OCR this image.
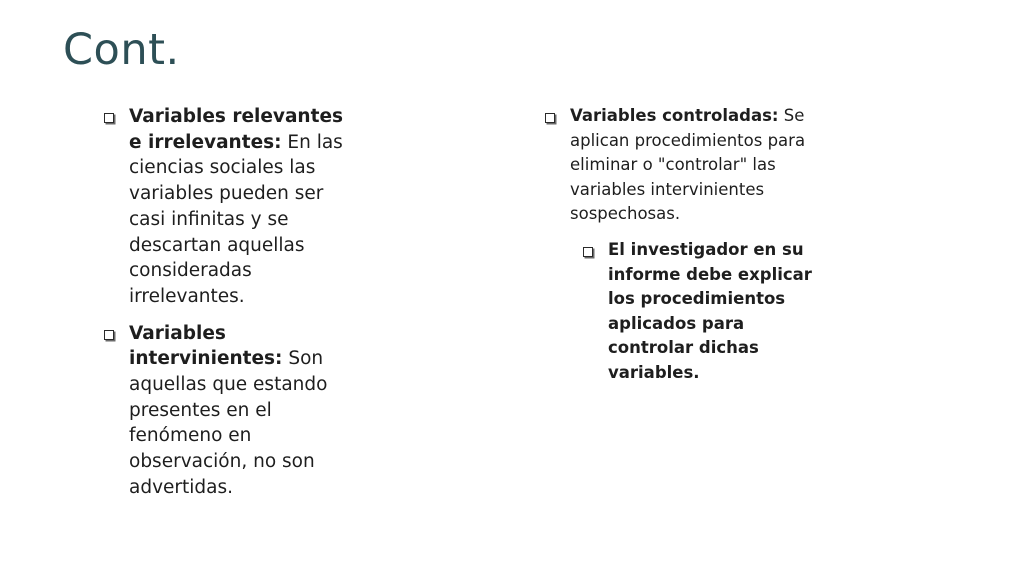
Cont.
Variables relevantes e irrelevantes: En las ciencias sociales las variables pueden ser casi infinitas y se descartan aquellas consideradas irrelevantes.
Variables intervinientes: Son aquellas que estando presentes en el fenómeno en observación, no son advertidas.
Variables controladas: Se aplican procedimientos para eliminar o "controlar" las variables intervinientes sospechosas.
El investigador en su informe debe explicar los procedimientos aplicados para controlar dichas variables.
